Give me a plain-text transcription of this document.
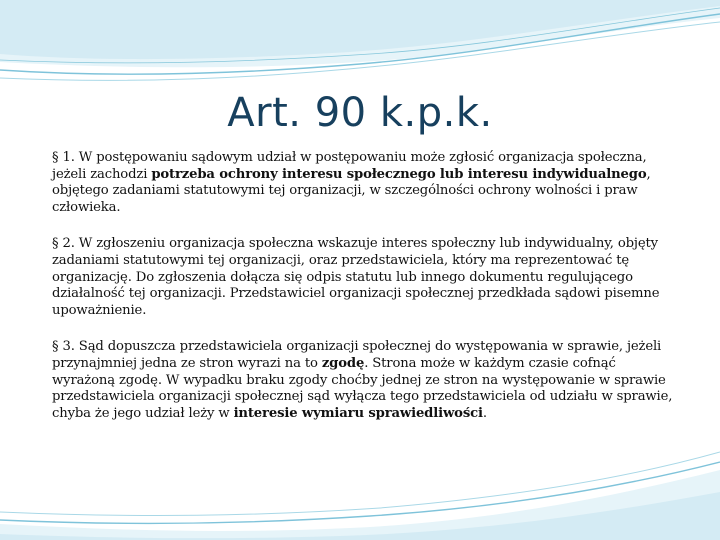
Art. 90 k.p.k.

§ 1. W postępowaniu sądowym udział w postępowaniu może zgłosić organizacja społeczna, jeżeli zachodzi potrzeba ochrony interesu społecznego lub interesu indywidualnego, objętego zadaniami statutowymi tej organizacji, w szczególności ochrony wolności i praw człowieka.

§ 2. W zgłoszeniu organizacja społeczna wskazuje interes społeczny lub indywidualny, objęty zadaniami statutowymi tej organizacji, oraz przedstawiciela, który ma reprezentować tę organizację. Do zgłoszenia dołącza się odpis statutu lub innego dokumentu regulującego działalność tej organizacji. Przedstawiciel organizacji społecznej przedkłada sądowi pisemne upoważnienie.

§ 3. Sąd dopuszcza przedstawiciela organizacji społecznej do występowania w sprawie, jeżeli przynajmniej jedna ze stron wyrazi na to zgodę. Strona może w każdym czasie cofnąć wyrażoną zgodę. W wypadku braku zgody choćby jednej ze stron na występowanie w sprawie przedstawiciela organizacji społecznej sąd wyłącza tego przedstawiciela od udziału w sprawie, chyba że jego udział leży w interesie wymiaru sprawiedliwości.
